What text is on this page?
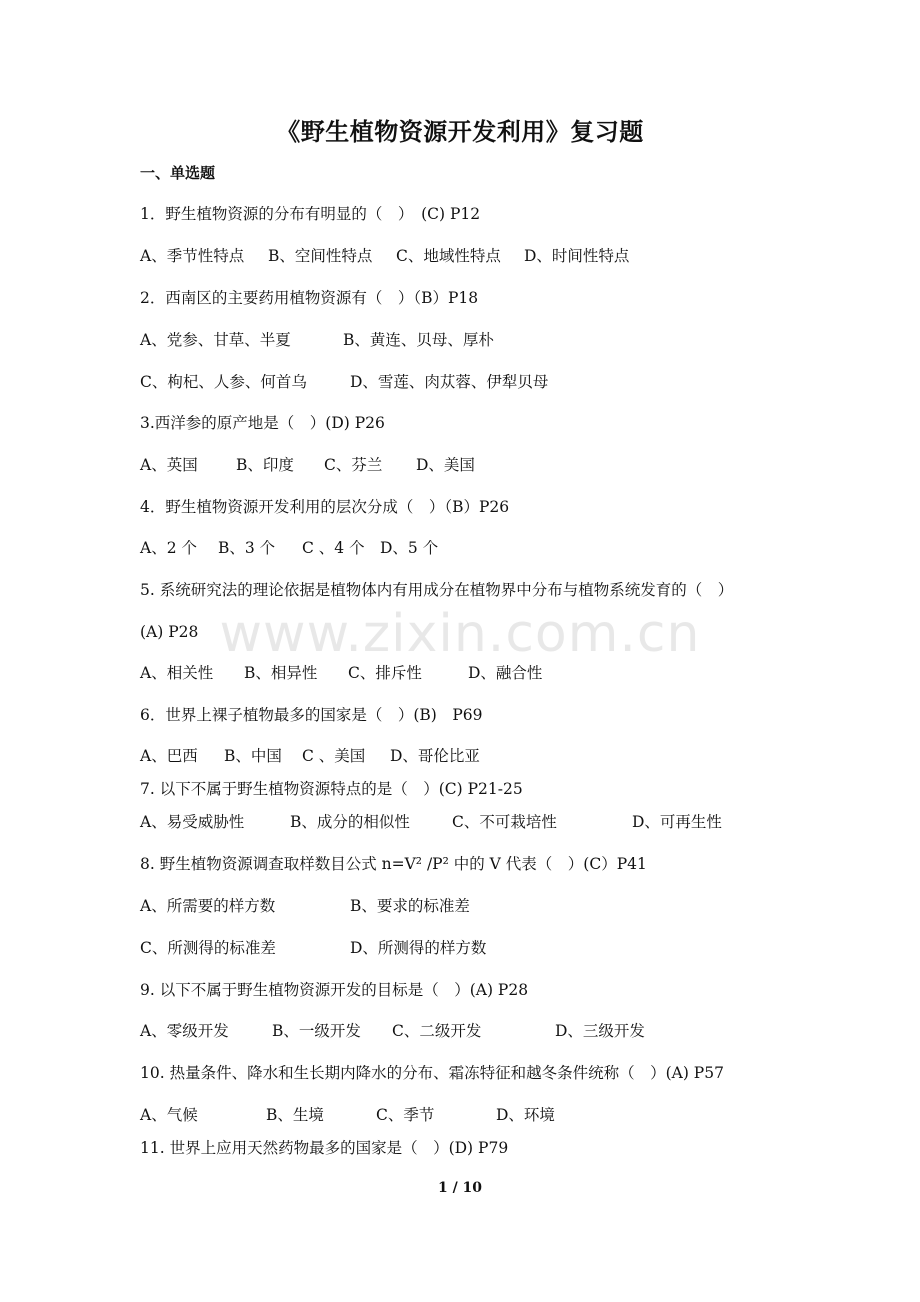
《野生植物资源开发利用》复习题
一、单选题
1．野生植物资源的分布有明显的（　）　(C) P12
A、季节性特点 B、空间性特点 C、地域性特点 D、时间性特点
2．西南区的主要药用植物资源有（　）（B）P18
A、党参、甘草、半夏	B、黄连、贝母、厚朴
C、枸杞、人参、何首乌	D、雪莲、肉苁蓉、伊犁贝母
3.西洋参的原产地是（　）(D) P26
A、英国 B、印度 C、芬兰 D、美国
4．野生植物资源开发利用的层次分成（　）（B）P26
A、2 个 B、3 个 C 、4 个 D、5 个
5. 系统研究法的理论依据是植物体内有用成分在植物界中分布与植物系统发育的（　）
(A) P28
A、相关性 B、相异性 C、排斥性	D、融合性
6．世界上裸子植物最多的国家是（　）(B)　P69
A、巴西 B、中国 C 、美国 D、哥伦比亚
7. 以下不属于野生植物资源特点的是（　）(C) P21-25
A、易受威胁性	B、成分的相似性	C、不可栽培性	D、可再生性
8. 野生植物资源调查取样数目公式 n=V² /P² 中的 V 代表（　）(C）P41
A、所需要的样方数	B、要求的标准差
C、所测得的标准差	D、所测得的样方数
9. 以下不属于野生植物资源开发的目标是（　）(A) P28
A、零级开发	B、一级开发 C、二级开发	D、三级开发
10. 热量条件、降水和生长期内降水的分布、霜冻特征和越冬条件统称（　）(A) P57
A、气候	B、生境	C、季节	D、环境
11. 世界上应用天然药物最多的国家是（　）(D) P79
www.zixin.com.cn
1 / 10
